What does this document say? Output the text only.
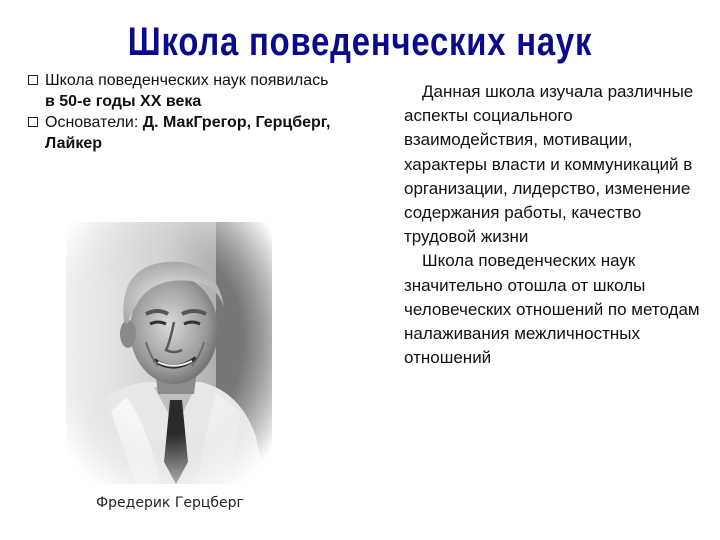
Школа поведенческих наук
Школа поведенческих наук появилась
в 50-е годы XX века
Основатели: Д. МакГрегор, Герцберг, Лайкер
Фредерик Герцберг

Данная школа изучала различные аспекты социального взаимодействия, мотивации, характеры власти и коммуникаций в организации, лидерство, изменение содержания работы, качество трудовой жизни

Школа поведенческих наук значительно отошла от школы человеческих отношений по методам налаживания межличностных отношений
